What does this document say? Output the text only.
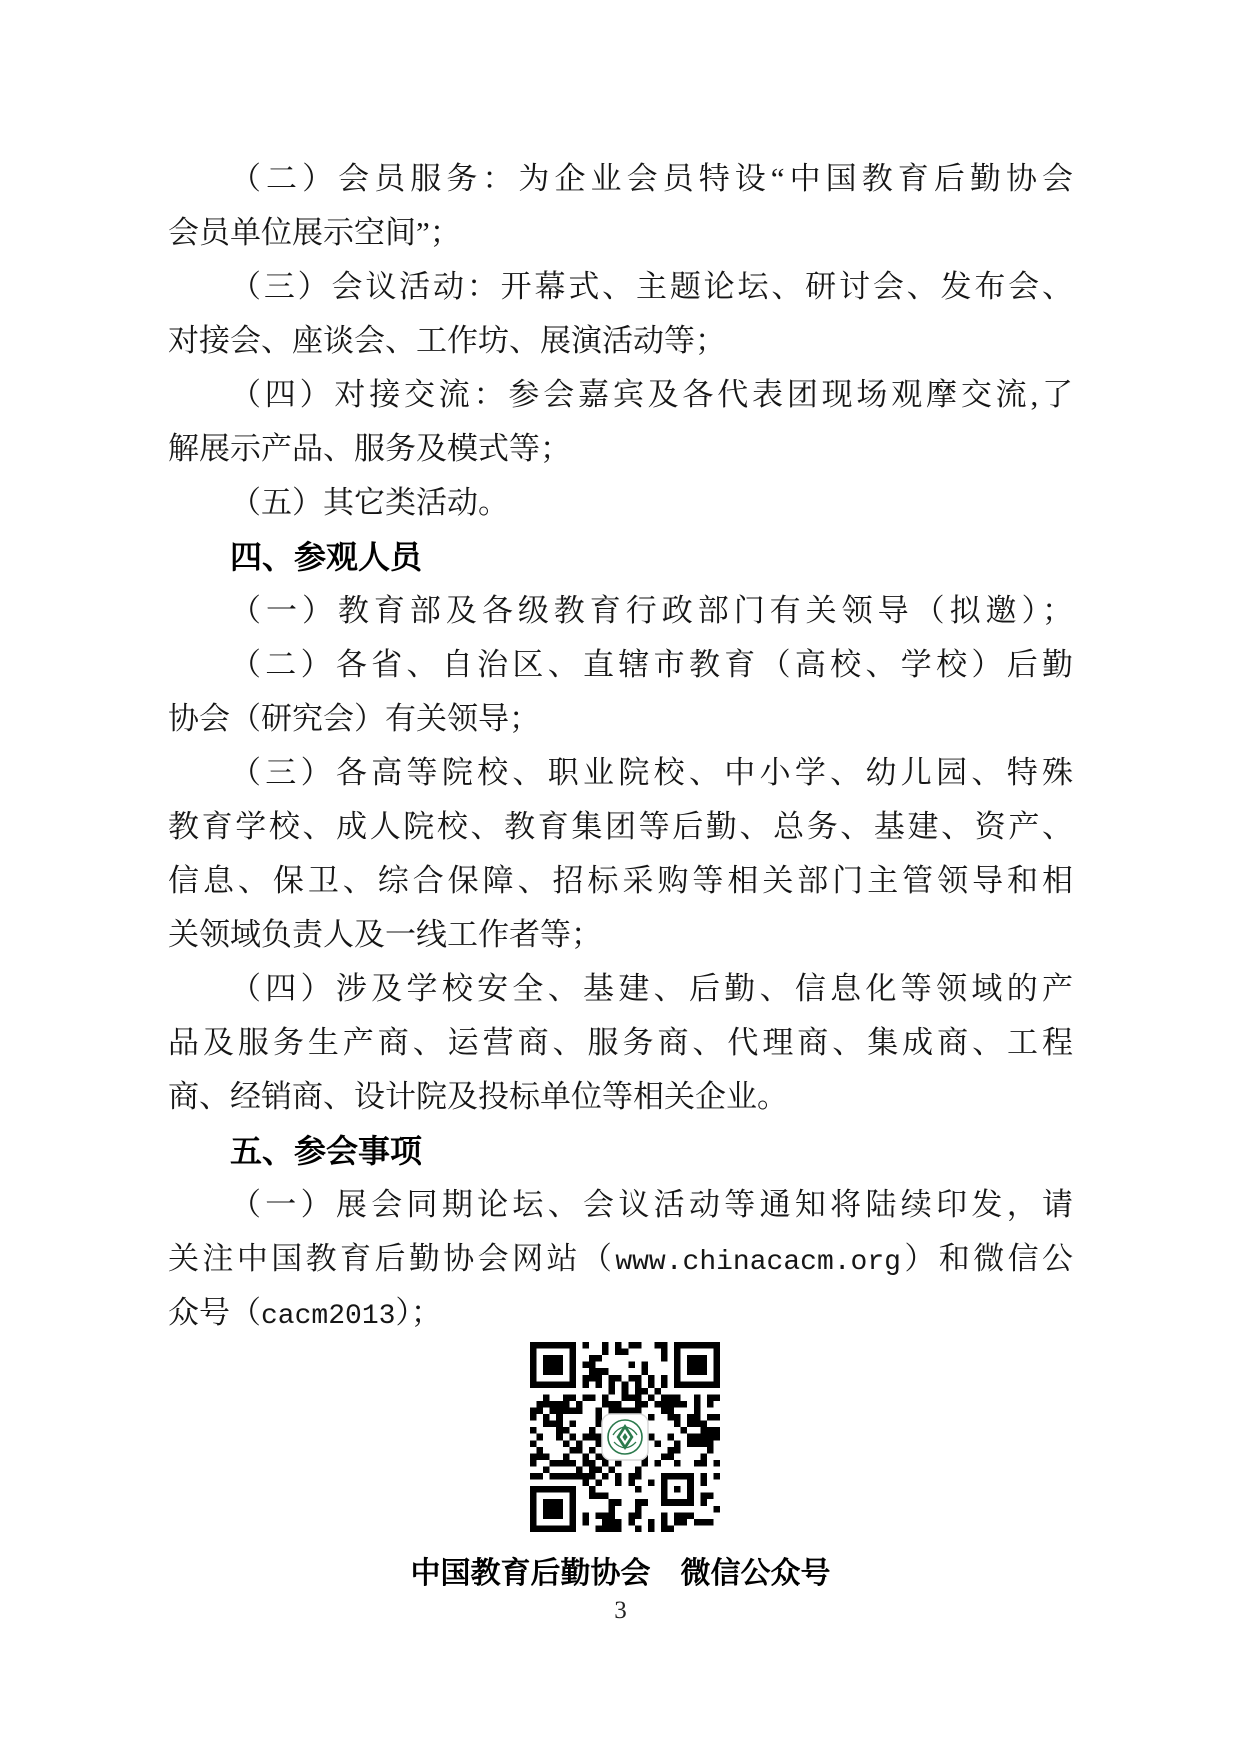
（二）会员服务：为企业会员特设“中国教育后勤协会
会员单位展示空间”；
（三）会议活动：开幕式、主题论坛、研讨会、发布会、
对接会、座谈会、工作坊、展演活动等；
（四）对接交流：参会嘉宾及各代表团现场观摩交流,了
解展示产品、服务及模式等；
（五）其它类活动。
四、参观人员
（一）教育部及各级教育行政部门有关领导（拟邀）；
（二）各省、自治区、直辖市教育（高校、学校）后勤
协会（研究会）有关领导；
（三）各高等院校、职业院校、中小学、幼儿园、特殊
教育学校、成人院校、教育集团等后勤、总务、基建、资产、
信息、保卫、综合保障、招标采购等相关部门主管领导和相
关领域负责人及一线工作者等；
（四）涉及学校安全、基建、后勤、信息化等领域的产
品及服务生产商、运营商、服务商、代理商、集成商、工程
商、经销商、设计院及投标单位等相关企业。
五、参会事项
（一）展会同期论坛、会议活动等通知将陆续印发，请
关注中国教育后勤协会网站（www.chinacacm.org）和微信公
众号（cacm2013）；
中国教育后勤协会　微信公众号
3
